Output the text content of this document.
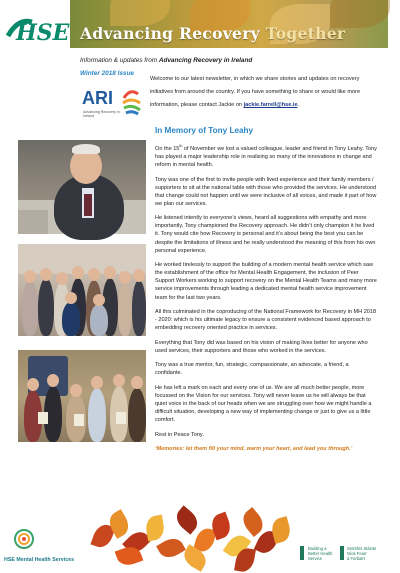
HSE Advancing Recovery Together
Information & updates from Advancing Recovery in Ireland
Winter 2018 Issue
ARI
Advancing Recovery in Ireland
Welcome to our latest newsletter, in which we share stories and updates on recovery initiatives from around the country. If you have something to share or would like more information, please contact Jackie on jackie.farrell@hse.ie.
In Memory of Tony Leahy

On the 15th of November we lost a valued colleague, leader and friend in Tony Leahy. Tony has played a major leadership role in realising so many of the innovations in change and reform in mental health.

Tony was one of the first to invite people with lived experience and their family members / supporters to sit at the national table with those who provided the services. He understood that change could not happen until we were inclusive of all voices, and made it part of how we plan our services.

He listened intently to everyone’s views, heard all suggestions with empathy and more importantly, Tony championed the Recovery approach. He didn’t only champion it he lived it. Tony would cite how Recovery is personal and it’s about being the best you can be despite the limitations of illness and he really understood the meaning of this from his own personal experience.

He worked tirelessly to support the building of a modern mental health service which saw the establishment of the office for Mental Health Engagement, the inclusion of Peer Support Workers working to support recovery on the Mental Health Teams and many more service improvements through leading a dedicated mental health service improvement team for the last two years.

All this culminated in the coproducing of the National Framework for Recovery in MH 2018 - 2020: which is his ultimate legacy to ensure a consistent evidenced based approach to embedding recovery oriented practice in services.

Everything that Tony did was based on his vision of making lives better for anyone who used services, their supporters and those who worked in the services.

Tony was a true mentor, fun, strategic, compassionate, an advocate, a friend, a confidante.

He has left a mark on each and every one of us. We are all much better people, more focussed on the Vision for our services. Tony will never leave us he will always be that quiet voice in the back of our heads when we are struggling over how we might handle a difficult situation, developing a new way of implementing change or just to give us a little comfort.

Rest in Peace Tony.

‘Memories: let them fill your mind, warm your heart, and lead you through.’

HSE Mental Health Services
Building a
Better Health
Service
Seirbhís Sláinte
Níos Fearr
á Forbairt
